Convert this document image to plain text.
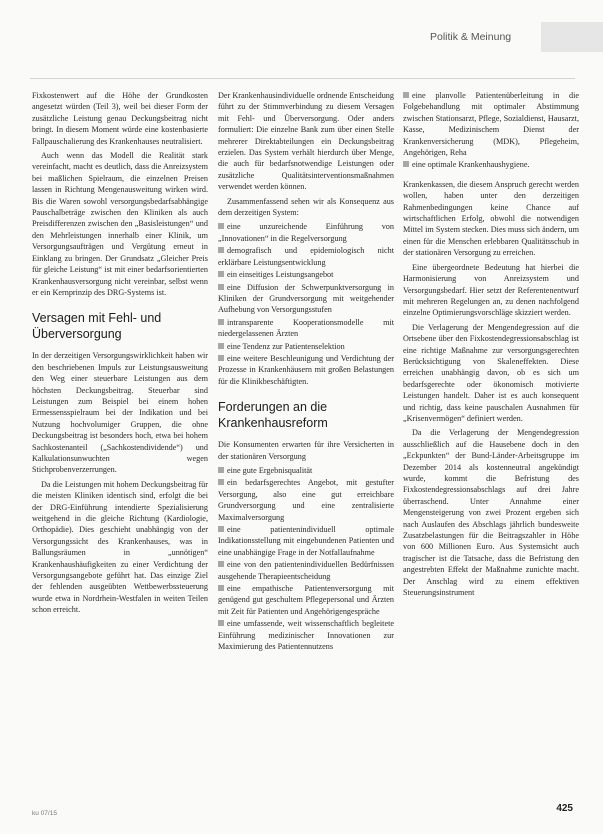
Politik & Meinung

Fixkostenwert auf die Höhe der Grundkosten angesetzt würden (Teil 3), weil bei dieser Form der zusätzliche Leistung genau Deckungsbeitrag nicht bringt. In diesem Moment würde eine kostenbasierte Fallpauschalierung des Krankenhauses neutralisiert.

Auch wenn das Modell die Realität stark vereinfacht, macht es deutlich, dass die Anreizsystem bei maßlichen Spielraum, die einzelnen Preisen lassen in Richtung Mengenausweitung wirken wird. Bis die Waren sowohl versorgungsbedarfsabhängige Pauschalbeträge zwischen den Kliniken als auch Preisdifferenzen zwischen den „Basisleistungen“ und den Mehrleistungen innerhalb einer Klinik, um Versorgungsaufträgen und Vergütung erneut in Einklang zu bringen. Der Grundsatz „Gleicher Preis für gleiche Leistung“ ist mit einer bedarfsorientierten Krankenhausversorgung nicht vereinbar, selbst wenn er ein Kernprinzip des DRG-Systems ist.

Versagen mit Fehl- und Überversorgung

In der derzeitigen Versorgungswirklichkeit haben wir den beschriebenen Impuls zur Leistungsausweitung den Weg einer steuerbare Leistungen aus dem höchsten Deckungsbeitrag. Steuerbar sind Leistungen zum Beispiel bei einem hohen Ermessensspielraum bei der Indikation und bei Nutzung hochvolumiger Gruppen, die ohne Deckungsbeitrag ist besonders hoch, etwa bei hohem Sachkostenanteil („Sachkostendividende“) und Kalkulationsunwuchten wegen Stichprobenverzerrungen.

Da die Leistungen mit hohem Deckungsbeitrag für die meisten Kliniken identisch sind, erfolgt die bei der DRG-Einführung intendierte Spezialisierung weitgehend in die gleiche Richtung (Kardiologie, Orthopädie). Dies geschieht unabhängig von der Versorgungssicht des Krankenhauses, was in Ballungsräumen in „unnötigen“ Krankenhaushäufigkeiten zu einer Verdichtung der Versorgungsangebote geführt hat. Das einzige Ziel der fehlenden ausgeübten Wettbewerbssteuerung wurde etwa in Nordrhein-Westfalen in weiten Teilen schon erreicht.

Der Krankenhausindividuelle ordnende Entscheidung führt zu der Stimmverbindung zu diesem Versagen mit Fehl- und Überversorgung. Oder anders formuliert: Die einzelne Bank zum über einen Stelle mehrerer Direktabteilungen ein Deckungsbeitrag erzielen. Das System verhält hierdurch über Menge, die auch für bedarfsnotwendige Leistungen oder zusätzliche Qualitätsinterventionsmaßnahmen verwendet werden können.

Zusammenfassend sehen wir als Konsequenz aus dem derzeitigen System:

eine unzureichende Einführung von „Innovationen“ in die Regelversorgung

demografisch und epidemiologisch nicht erklärbare Leistungsentwicklung

ein einseitiges Leistungsangebot

eine Diffusion der Schwerpunktversorgung in Kliniken der Grundversorgung mit weitgehender Aufhebung von Versorgungsstufen

intransparente Kooperationsmodelle mit niedergelassenen Ärzten

eine Tendenz zur Patientenselektion

eine weitere Beschleunigung und Verdichtung der Prozesse in Krankenhäusern mit großen Belastungen für die Klinikbeschäftigten.

Forderungen an die Krankenhausreform

Die Konsumenten erwarten für ihre Versicherten in der stationären Versorgung

eine gute Ergebnisqualität

ein bedarfsgerechtes Angebot, mit gestufter Versorgung, also eine gut erreichbare Grundversorgung und eine zentralisierte Maximalversorgung

eine patientenindividuell optimale Indikationsstellung mit eingebundenen Patienten und eine unabhängige Frage in der Notfallaufnahme

eine von den patientenindividuellen Bedürfnissen ausgehende Therapieentscheidung

eine empathische Patientenversorgung mit genügend gut geschultem Pflegepersonal und Ärzten mit Zeit für Patienten und Angehörigengespräche

eine umfassende, weit wissenschaftlich begleitete Einführung medizinischer Innovationen zur Maximierung des Patientennutzens

eine planvolle Patientenüberleitung in die Folgebehandlung mit optimaler Abstimmung zwischen Stationsarzt, Pflege, Sozialdienst, Hausarzt, Kasse, Medizinischem Dienst der Krankenversicherung (MDK), Pflegeheim, Angehörigen, Reha

eine optimale Krankenhaushygiene.

Krankenkassen, die diesem Anspruch gerecht werden wollen, haben unter den derzeitigen Rahmenbedingungen keine Chance auf wirtschaftlichen Erfolg, obwohl die notwendigen Mittel im System stecken. Dies muss sich ändern, um einen für die Menschen erlebbaren Qualitätsschub in der stationären Versorgung zu erreichen.

Eine übergeordnete Bedeutung hat hierbei die Harmonisierung von Anreizsystem und Versorgungsbedarf. Hier setzt der Referentenentwurf mit mehreren Regelungen an, zu denen nachfolgend einzelne Optimierungsvorschläge skizziert werden.

Die Verlagerung der Mengendegression auf die Ortsebene über den Fixkostendegressionsabschlag ist eine richtige Maßnahme zur versorgungsgerechten Berücksichtigung von Skaleneffekten. Diese erreichen unabhängig davon, ob es sich um bedarfsgerechte oder ökonomisch motivierte Leistungen handelt. Daher ist es auch konsequent und richtig, dass keine pauschalen Ausnahmen für „Krisenvermögen“ definiert werden.

Da die Verlagerung der Mengendegression ausschließlich auf die Hausebene doch in den „Eckpunkten“ der Bund-Länder-Arbeitsgruppe im Dezember 2014 als kostenneutral angekündigt wurde, kommt die Befristung des Fixkostendegressionsabschlags auf drei Jahre überraschend. Unter Annahme einer Mengensteigerung von zwei Prozent ergeben sich nach Auslaufen des Abschlags jährlich bundesweite Zusatzbelastungen für die Beitragszahler in Höhe von 600 Millionen Euro. Aus Systemsicht auch tragischer ist die Tatsache, dass die Befristung den angestrebten Effekt der Maßnahme zunichte macht. Der Anschlag wird zu einem effektiven Steuerungsinstrument

ku 07/15	425
